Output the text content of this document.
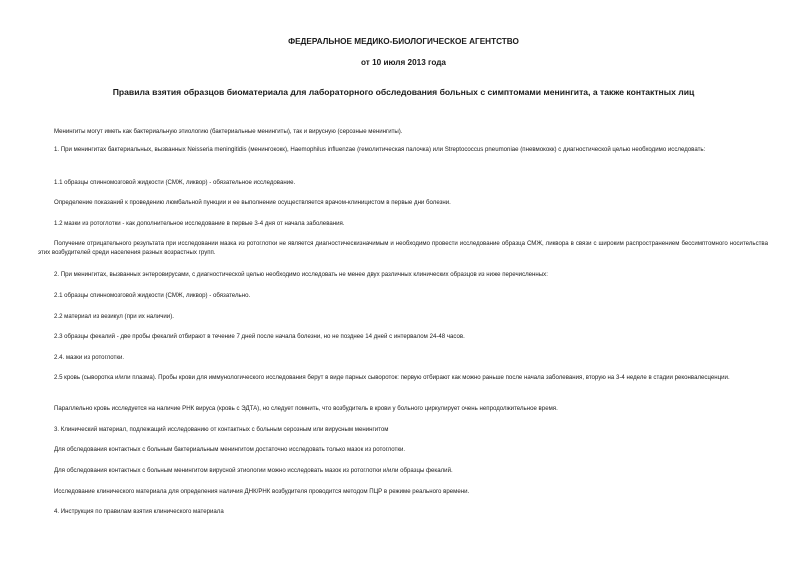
ФЕДЕРАЛЬНОЕ МЕДИКО-БИОЛОГИЧЕСКОЕ АГЕНТСТВО
от 10 июля 2013 года
Правила взятия образцов биоматериала для лабораторного обследования больных с симптомами менингита, а также контактных лиц

Менингиты могут иметь как бактериальную этиологию (бактериальные менингиты), так и вирусную (серозные менингиты).

1. При менингитах бактериальных, вызванных Neisseria meningitidis (менингококк), Haemophilus influenzae (гемолитическая палочка) или Streptococcus pneumoniae (пневмококк) с диагностической целью необходимо исследовать:

1.1 образцы спинномозговой жидкости (СМЖ, ликвор) - обязательное исследование.

Определение показаний к проведению люмбальной пункции и ее выполнение осуществляется врачом-клиницистом в первые дни болезни.

1.2 мазки из ротоглотки - как дополнительное исследование в первые 3-4 дня от начала заболевания.

Получение отрицательного результата при исследовании мазка из ротоглотки не является диагностическизначимым и необходимо провести исследование образца СМЖ, ликвора в связи с широким распространением бессимптомного носительства этих возбудителей среди населения разных возрастных групп.

2. При менингитах, вызванных энтеровирусами, с диагностической целью необходимо исследовать не менее двух различных клинических образцов из ниже перечисленных:

2.1 образцы спинномозговой жидкости (СМЖ, ликвор) - обязательно.

2.2 материал из везикул (при их наличии).

2.3 образцы фекалий - две пробы фекалий отбирают в течение 7 дней после начала болезни, но не позднее 14 дней с интервалом 24-48 часов.

2.4. мазки из ротоглотки.

2.5 кровь (сыворотка и/или плазма). Пробы крови для иммунологического исследования берут в виде парных сывороток: первую отбирают как можно раньше после начала заболевания, вторую на 3-4 неделе в стадии реконвалесценции.

Параллельно кровь исследуется на наличие РНК вируса (кровь с ЭДТА), но следует помнить, что возбудитель в крови у больного циркулирует очень непродолжительное время.

3. Клинический материал, подлежащий исследованию от контактных с больным серозным или вирусным менингитом

Для обследования контактных с больным бактериальным менингитом достаточно исследовать только мазок из ротоглотки.

Для обследования контактных с больным менингитом вирусной этиологии можно исследовать мазок из ротоглотки и/или образцы фекалий.

Исследование клинического материала для определения наличия ДНК/РНК возбудителя проводится методом ПЦР в режиме реального времени.

4. Инструкция по правилам взятия клинического материала
